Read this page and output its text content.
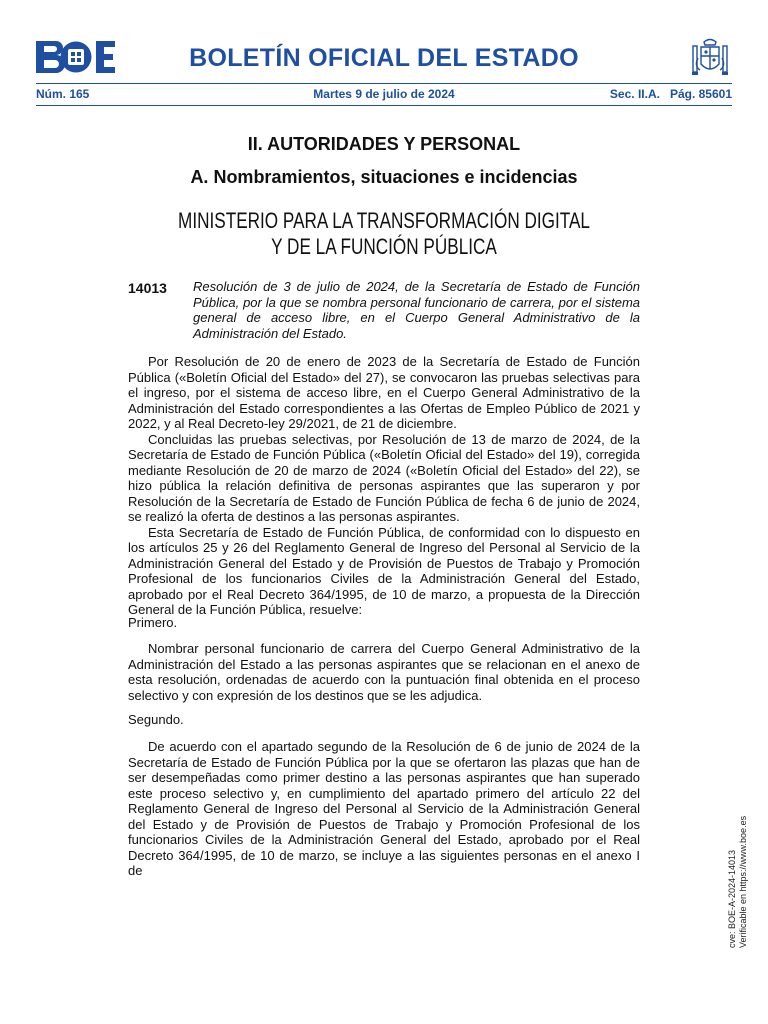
BOLETÍN OFICIAL DEL ESTADO
Núm. 165	Martes 9 de julio de 2024	Sec. II.A.   Pág. 85601
II. AUTORIDADES Y PERSONAL
A. Nombramientos, situaciones e incidencias
MINISTERIO PARA LA TRANSFORMACIÓN DIGITAL
Y DE LA FUNCIÓN PÚBLICA
14013 Resolución de 3 de julio de 2024, de la Secretaría de Estado de Función Pública, por la que se nombra personal funcionario de carrera, por el sistema general de acceso libre, en el Cuerpo General Administrativo de la Administración del Estado.

Por Resolución de 20 de enero de 2023 de la Secretaría de Estado de Función Pública («Boletín Oficial del Estado» del 27), se convocaron las pruebas selectivas para el ingreso, por el sistema de acceso libre, en el Cuerpo General Administrativo de la Administración del Estado correspondientes a las Ofertas de Empleo Público de 2021 y 2022, y al Real Decreto-ley 29/2021, de 21 de diciembre.

Concluidas las pruebas selectivas, por Resolución de 13 de marzo de 2024, de la Secretaría de Estado de Función Pública («Boletín Oficial del Estado» del 19), corregida mediante Resolución de 20 de marzo de 2024 («Boletín Oficial del Estado» del 22), se hizo pública la relación definitiva de personas aspirantes que las superaron y por Resolución de la Secretaría de Estado de Función Pública de fecha 6 de junio de 2024, se realizó la oferta de destinos a las personas aspirantes.

Esta Secretaría de Estado de Función Pública, de conformidad con lo dispuesto en los artículos 25 y 26 del Reglamento General de Ingreso del Personal al Servicio de la Administración General del Estado y de Provisión de Puestos de Trabajo y Promoción Profesional de los funcionarios Civiles de la Administración General del Estado, aprobado por el Real Decreto 364/1995, de 10 de marzo, a propuesta de la Dirección General de la Función Pública, resuelve:

Primero.

Nombrar personal funcionario de carrera del Cuerpo General Administrativo de la Administración del Estado a las personas aspirantes que se relacionan en el anexo de esta resolución, ordenadas de acuerdo con la puntuación final obtenida en el proceso selectivo y con expresión de los destinos que se les adjudica.

Segundo.

De acuerdo con el apartado segundo de la Resolución de 6 de junio de 2024 de la Secretaría de Estado de Función Pública por la que se ofertaron las plazas que han de ser desempeñadas como primer destino a las personas aspirantes que han superado este proceso selectivo y, en cumplimiento del apartado primero del artículo 22 del Reglamento General de Ingreso del Personal al Servicio de la Administración General del Estado y de Provisión de Puestos de Trabajo y Promoción Profesional de los funcionarios Civiles de la Administración General del Estado, aprobado por el Real Decreto 364/1995, de 10 de marzo, se incluye a las siguientes personas en el anexo I de	cve: BOE-A-2024-14013 Verificable en https://www.boe.es
